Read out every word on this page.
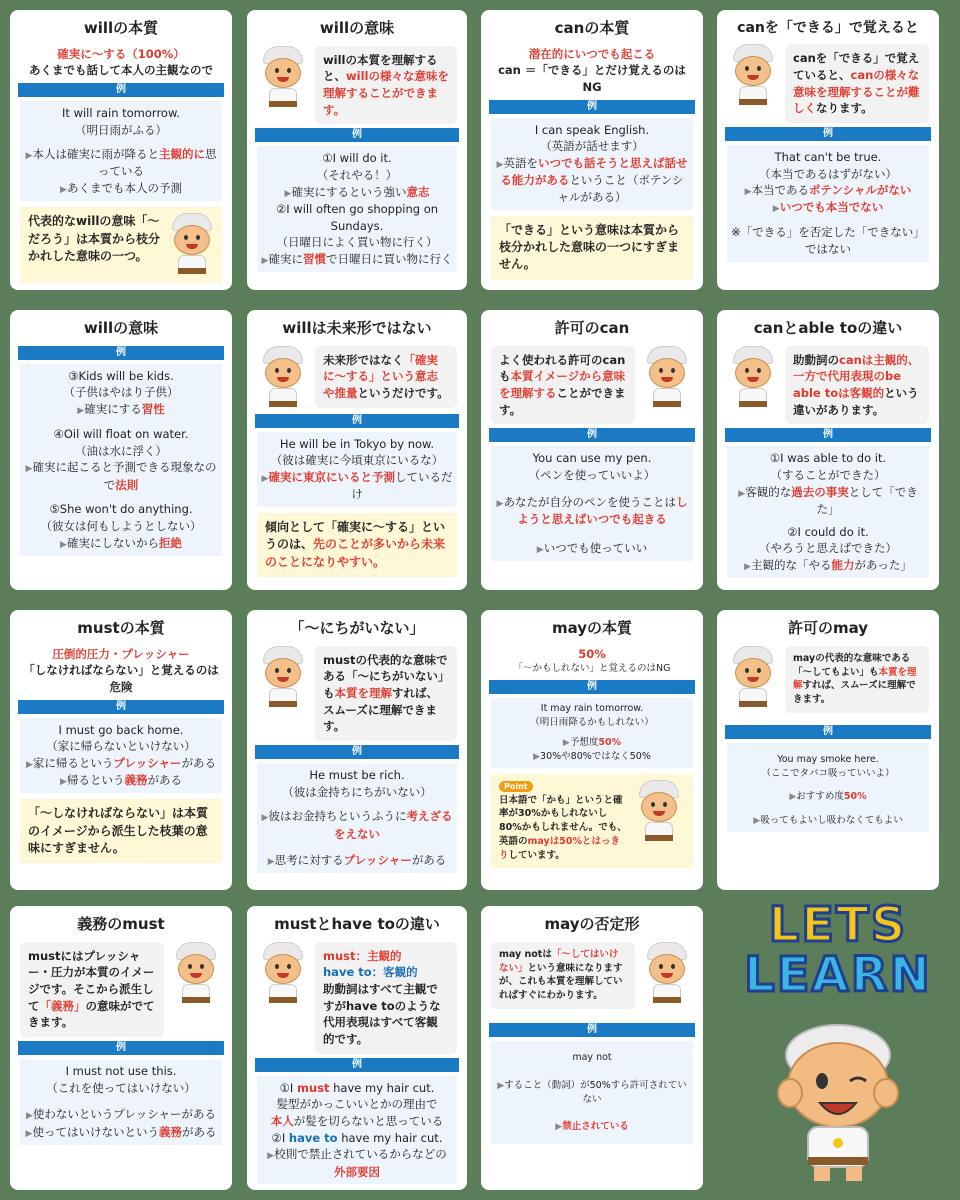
willの本質
確実に〜する（100%）
あくまでも話して本人の主観なので
例
It will rain tomorrow.
（明日雨がふる）
▶本人は確実に雨が降ると主観的に思っている
▶あくまでも本人の予測
代表的なwillの意味「〜だろう」は本質から枝分かれした意味の一つ。
willの意味
willの本質を理解すると、willの様々な意味を理解することができます。
例
①I will do it.
（それやる！）
▶確実にするという強い意志
②I will often go shopping on Sundays.
（日曜日によく買い物に行く）
▶確実に習慣で日曜日に買い物に行く
canの本質
潜在的にいつでも起こる
can ＝「できる」とだけ覚えるのはNG
例
I can speak English.
（英語が話せます）
▶英語をいつでも話そうと思えば話せる能力があるということ（ポテンシャルがある）
「できる」という意味は本質から枝分かれした意味の一つにすぎません。
canを「できる」で覚えると
canを「できる」で覚えていると、canの様々な意味を理解することが難しくなります。
例
That can't be true.
（本当であるはずがない）
▶本当であるポテンシャルがない
▶いつでも本当でない
※「できる」を否定した「できない」ではない
willの意味
例
③Kids will be kids.
（子供はやはり子供）
▶確実にする習性
④Oil will float on water.
（油は水に浮く）
▶確実に起こると予測できる現象なので法則
⑤She won't do anything.
（彼女は何もしようとしない）
▶確実にしないから拒絶
willは未来形ではない
未来形ではなく「確実に〜する」という意志や推量というだけです。
例
He will be in Tokyo by now.
（彼は確実に今頃東京にいるな）
▶確実に東京にいると予測しているだけ
傾向として「確実に〜する」というのは、先のことが多いから未来のことになりやすい。
許可のcan
よく使われる許可のcanも本質イメージから意味を理解することができます。
例
You can use my pen.
（ペンを使っていいよ）
▶あなたが自分のペンを使うことはしようと思えばいつでも起きる
▶いつでも使っていい
canとable toの違い
助動詞のcanは主観的、一方で代用表現のbe able toは客観的という違いがあります。
例
①I was able to do it.
（することができた）
▶客観的な過去の事実として「できた」
②I could do it.
（やろうと思えばできた）
▶主観的な「やる能力があった」
mustの本質
圧倒的圧力・プレッシャー
「しなければならない」と覚えるのは危険
例
I must go back home.
（家に帰らないといけない）
▶家に帰るというプレッシャーがある
▶帰るという義務がある
「〜しなければならない」は本質のイメージから派生した枝葉の意味にすぎません。
「〜にちがいない」
mustの代表的な意味である「〜にちがいない」も本質を理解すれば、スムーズに理解できます。
例
He must be rich.
（彼は金持ちにちがいない）
▶彼はお金持ちというふうに考えざるをえない
▶思考に対するプレッシャーがある
mayの本質
50%
「〜かもしれない」と覚えるのはNG
例
It may rain tomorrow.
（明日雨降るかもしれない）
▶予想度50%
▶30%や80%ではなく50%
Point
日本語で「かも」というと確率が30%かもしれないし80%かもしれません。でも、英語のmayは50%とはっきりしています。
許可のmay
mayの代表的な意味である「〜してもよい」も本質を理解すれば、スムーズに理解できます。
例
You may smoke here.
（ここでタバコ吸っていいよ）
▶おすすめ度50%
▶吸ってもよいし吸わなくてもよい
義務のmust
mustにはプレッシャー・圧力が本質のイメージです。そこから派生して「義務」の意味がでてきます。
例
I must not use this.
（これを使ってはいけない）
▶使わないというプレッシャーがある
▶使ってはいけないという義務がある
mustとhave toの違い
must：主観的
have to：客観的
助動詞はすべて主観ですがhave toのような代用表現はすべて客観的です。
例
①I must have my hair cut.
髪型がかっこいいとかの理由で
本人が髪を切らないと思っている
②I have to have my hair cut.
▶校則で禁止されているからなどの
外部要因
mayの否定形
may notは「〜してはいけない」という意味になりますが、これも本質を理解していればすぐにわかります。
例
may not
▶すること（動詞）が50%すら許可されていない
▶禁止されている
LETS
LEARN
